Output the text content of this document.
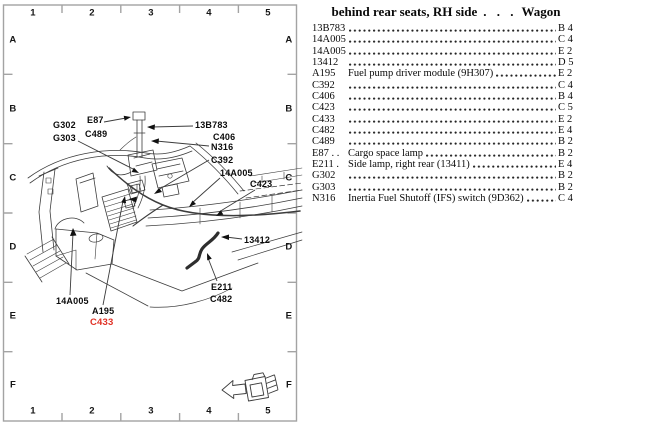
1	2	3	4	5
1	2	3	4	5
A
B
C
D
E
F
A
B
C
D
E
F
G302
G303
E87
C489
13B783
C406
N316
C392
14A005
C423
13412
E211
C482
14A005
A195
C433
behind rear seats, RH side . . . Wagon
13B783	B 4
14A005	C 4
14A005	E 2
13412	D 5
A195	Fuel pump driver module (9H307)	E 2
C392	C 4
C406	B 4
C423	C 5
C433	E 2
C482	E 4
C489	B 2
E87 . . Cargo space lamp	B 2
E211 . Side lamp, right rear (13411)	E 4
G302	B 2
G303	B 2
N316	Inertia Fuel Shutoff (IFS) switch (9D362)	C 4
